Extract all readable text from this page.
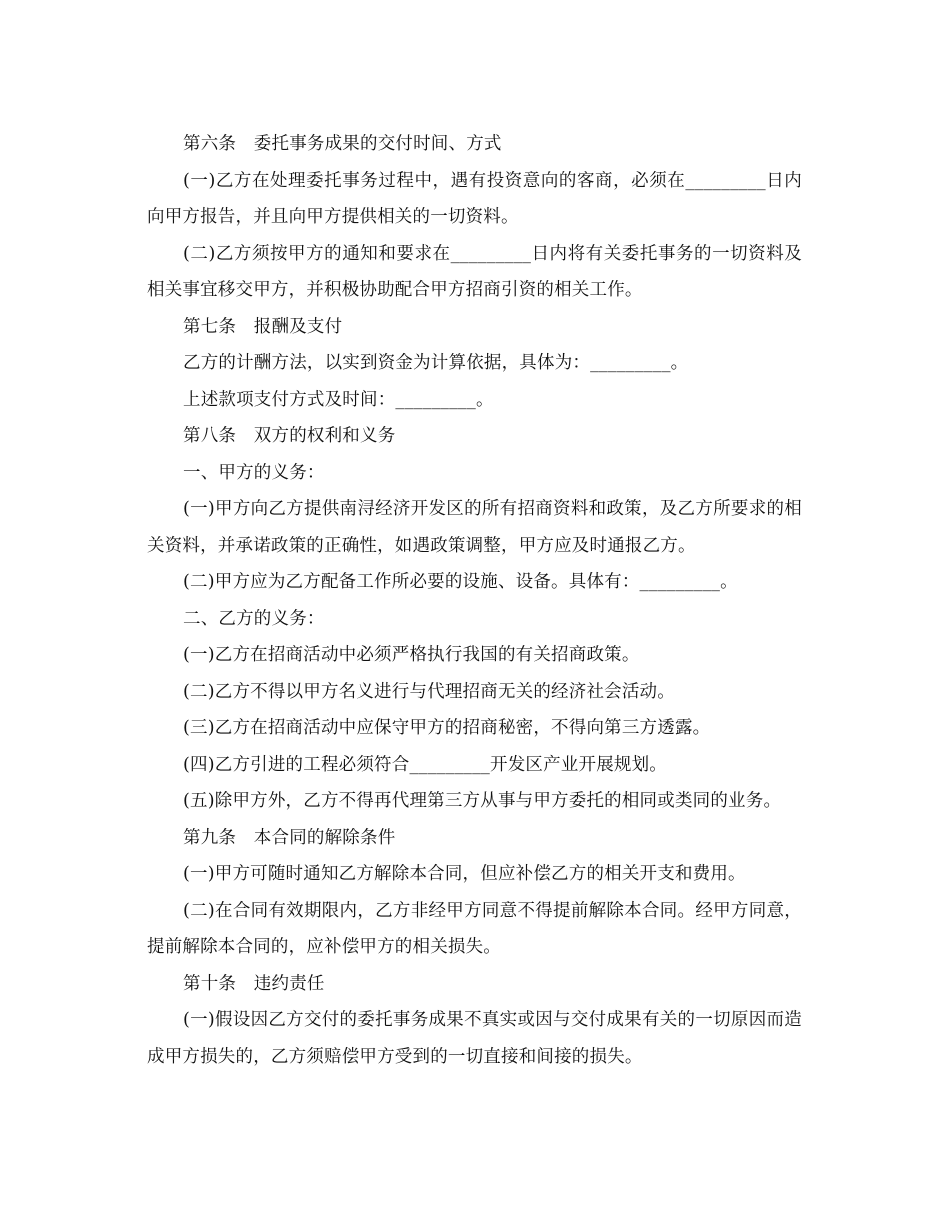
第六条　委托事务成果的交付时间、方式

(一)乙方在处理委托事务过程中，遇有投资意向的客商，必须在_________日内向甲方报告，并且向甲方提供相关的一切资料。

(二)乙方须按甲方的通知和要求在_________日内将有关委托事务的一切资料及相关事宜移交甲方，并积极协助配合甲方招商引资的相关工作。

第七条　报酬及支付

乙方的计酬方法，以实到资金为计算依据，具体为：_________。

上述款项支付方式及时间：_________。

第八条　双方的权利和义务

一、甲方的义务：

(一)甲方向乙方提供南浔经济开发区的所有招商资料和政策，及乙方所要求的相关资料，并承诺政策的正确性，如遇政策调整，甲方应及时通报乙方。

(二)甲方应为乙方配备工作所必要的设施、设备。具体有：_________。

二、乙方的义务：

(一)乙方在招商活动中必须严格执行我国的有关招商政策。

(二)乙方不得以甲方名义进行与代理招商无关的经济社会活动。

(三)乙方在招商活动中应保守甲方的招商秘密，不得向第三方透露。

(四)乙方引进的工程必须符合_________开发区产业开展规划。

(五)除甲方外，乙方不得再代理第三方从事与甲方委托的相同或类同的业务。

第九条　本合同的解除条件

(一)甲方可随时通知乙方解除本合同，但应补偿乙方的相关开支和费用。

(二)在合同有效期限内，乙方非经甲方同意不得提前解除本合同。经甲方同意，提前解除本合同的，应补偿甲方的相关损失。

第十条　违约责任

(一)假设因乙方交付的委托事务成果不真实或因与交付成果有关的一切原因而造成甲方损失的，乙方须赔偿甲方受到的一切直接和间接的损失。
